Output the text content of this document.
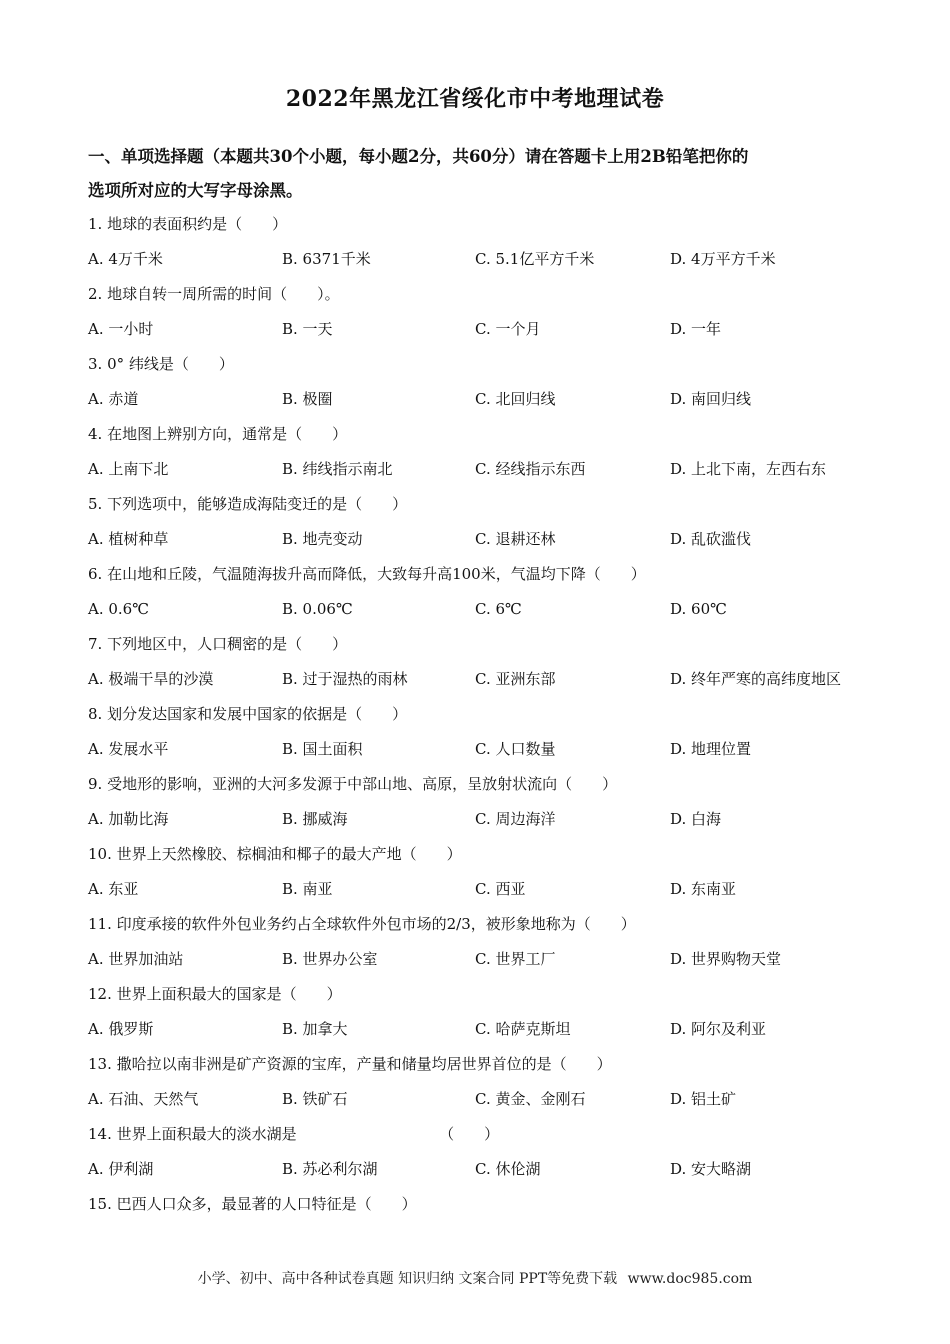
2022年黑龙江省绥化市中考地理试卷
一、单项选择题（本题共30个小题，每小题2分，共60分）请在答题卡上用2B铅笔把你的
选项所对应的大写字母涂黑。
1. 地球的表面积约是（　　）
A. 4万千米	B. 6371千米	C. 5.1亿平方千米	D. 4万平方千米
2. 地球自转一周所需的时间（　　）。
A. 一小时	B. 一天	C. 一个月	D. 一年
3. 0° 纬线是（　　）
A. 赤道	B. 极圈	C. 北回归线	D. 南回归线
4. 在地图上辨别方向，通常是（　　）
A. 上南下北	B. 纬线指示南北	C. 经线指示东西	D. 上北下南，左西右东
5. 下列选项中，能够造成海陆变迁的是（　　）
A. 植树种草	B. 地壳变动	C. 退耕还林	D. 乱砍滥伐
6. 在山地和丘陵，气温随海拔升高而降低，大致每升高100米，气温均下降（　　）
A. 0.6℃	B. 0.06℃	C. 6℃	D. 60℃
7. 下列地区中，人口稠密的是（　　）
A. 极端干旱的沙漠	B. 过于湿热的雨林	C. 亚洲东部	D. 终年严寒的高纬度地区
8. 划分发达国家和发展中国家的依据是（　　）
A. 发展水平	B. 国土面积	C. 人口数量	D. 地理位置
9. 受地形的影响，亚洲的大河多发源于中部山地、高原，呈放射状流向（　　）
A. 加勒比海	B. 挪威海	C. 周边海洋	D. 白海
10. 世界上天然橡胶、棕榈油和椰子的最大产地（　　）
A. 东亚	B. 南亚	C. 西亚	D. 东南亚
11. 印度承接的软件外包业务约占全球软件外包市场的2/3，被形象地称为（　　）
A. 世界加油站	B. 世界办公室	C. 世界工厂	D. 世界购物天堂
12. 世界上面积最大的国家是（　　）
A. 俄罗斯	B. 加拿大	C. 哈萨克斯坦	D. 阿尔及利亚
13. 撒哈拉以南非洲是矿产资源的宝库，产量和储量均居世界首位的是（　　）
A. 石油、天然气	B. 铁矿石	C. 黄金、金刚石	D. 铝土矿
14. 世界上面积最大的淡水湖是　　　　　　　　　　（　　）
A. 伊利湖	B. 苏必利尔湖	C. 休伦湖	D. 安大略湖
15. 巴西人口众多，最显著的人口特征是（　　）
小学、初中、高中各种试卷真题 知识归纳 文案合同 PPT等免费下载 www.doc985.com
